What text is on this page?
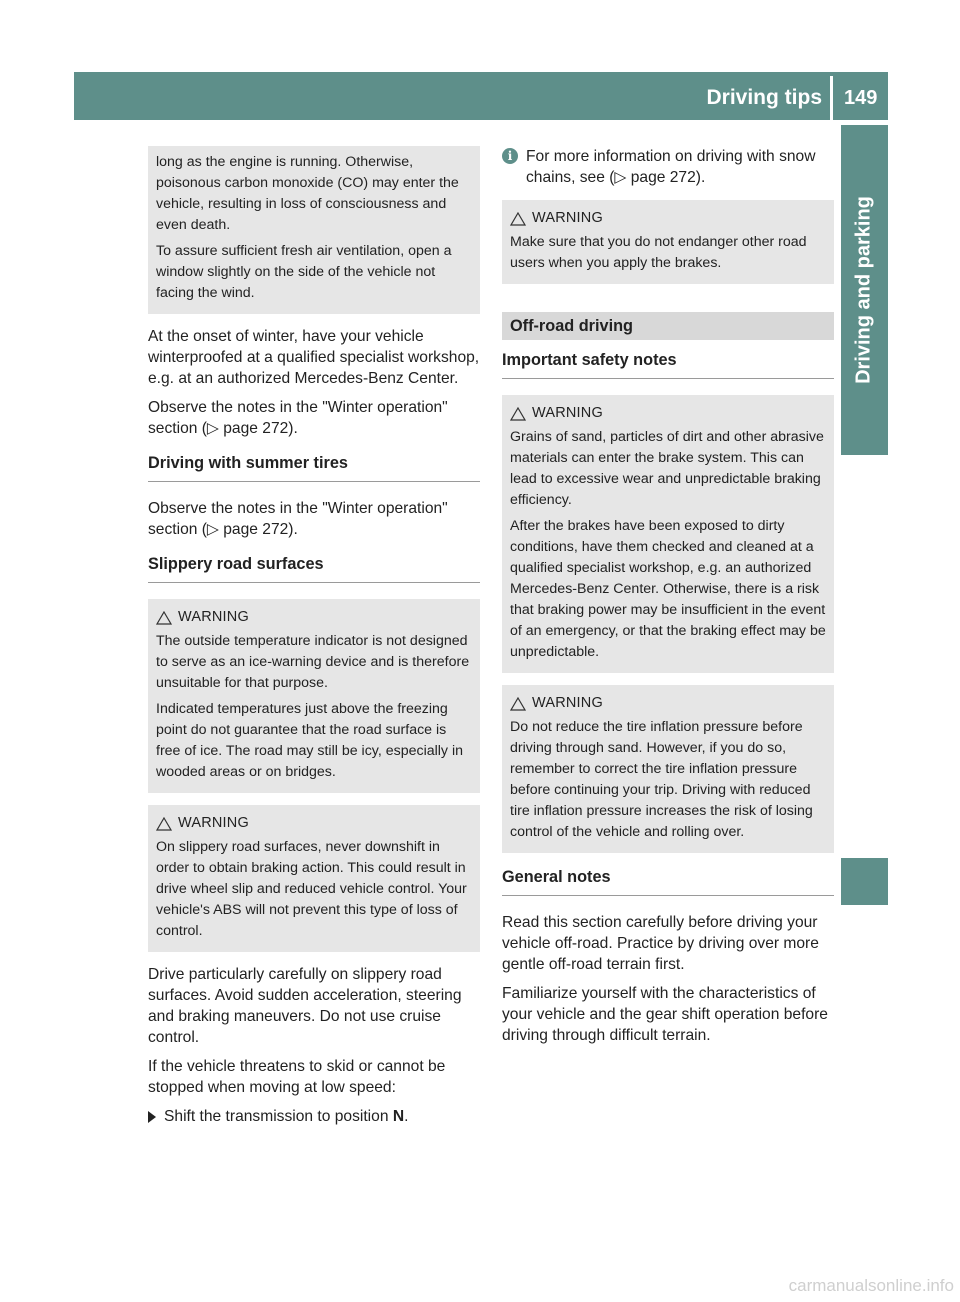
Driving tips 149
Driving and parking

long as the engine is running. Otherwise, poisonous carbon monoxide (CO) may enter the vehicle, resulting in loss of consciousness and even death.

To assure sufficient fresh air ventilation, open a window slightly on the side of the vehicle not facing the wind.

At the onset of winter, have your vehicle winterproofed at a qualified specialist workshop, e.g. at an authorized Mercedes-Benz Center.

Observe the notes in the "Winter operation" section (▷ page 272).

Driving with summer tires

Observe the notes in the "Winter operation" section (▷ page 272).

Slippery road surfaces
WARNING

The outside temperature indicator is not designed to serve as an ice-warning device and is therefore unsuitable for that purpose.

Indicated temperatures just above the freezing point do not guarantee that the road surface is free of ice. The road may still be icy, especially in wooded areas or on bridges.

WARNING

On slippery road surfaces, never downshift in order to obtain braking action. This could result in drive wheel slip and reduced vehicle control. Your vehicle's ABS will not prevent this type of loss of control.

Drive particularly carefully on slippery road surfaces. Avoid sudden acceleration, steering and braking maneuvers. Do not use cruise control.

If the vehicle threatens to skid or cannot be stopped when moving at low speed:

Shift the transmission to position N.
i For more information on driving with snow chains, see (▷ page 272).
WARNING

Make sure that you do not endanger other road users when you apply the brakes.

Off-road driving
Important safety notes
WARNING

Grains of sand, particles of dirt and other abrasive materials can enter the brake system. This can lead to excessive wear and unpredictable braking efficiency.

After the brakes have been exposed to dirty conditions, have them checked and cleaned at a qualified specialist workshop, e.g. an authorized Mercedes-Benz Center. Otherwise, there is a risk that braking power may be insufficient in the event of an emergency, or that the braking effect may be unpredictable.

WARNING

Do not reduce the tire inflation pressure before driving through sand. However, if you do so, remember to correct the tire inflation pressure before continuing your trip. Driving with reduced tire inflation pressure increases the risk of losing control of the vehicle and rolling over.

General notes

Read this section carefully before driving your vehicle off-road. Practice by driving over more gentle off-road terrain first.

Familiarize yourself with the characteristics of your vehicle and the gear shift operation before driving through difficult terrain.

carmanualsonline.info
